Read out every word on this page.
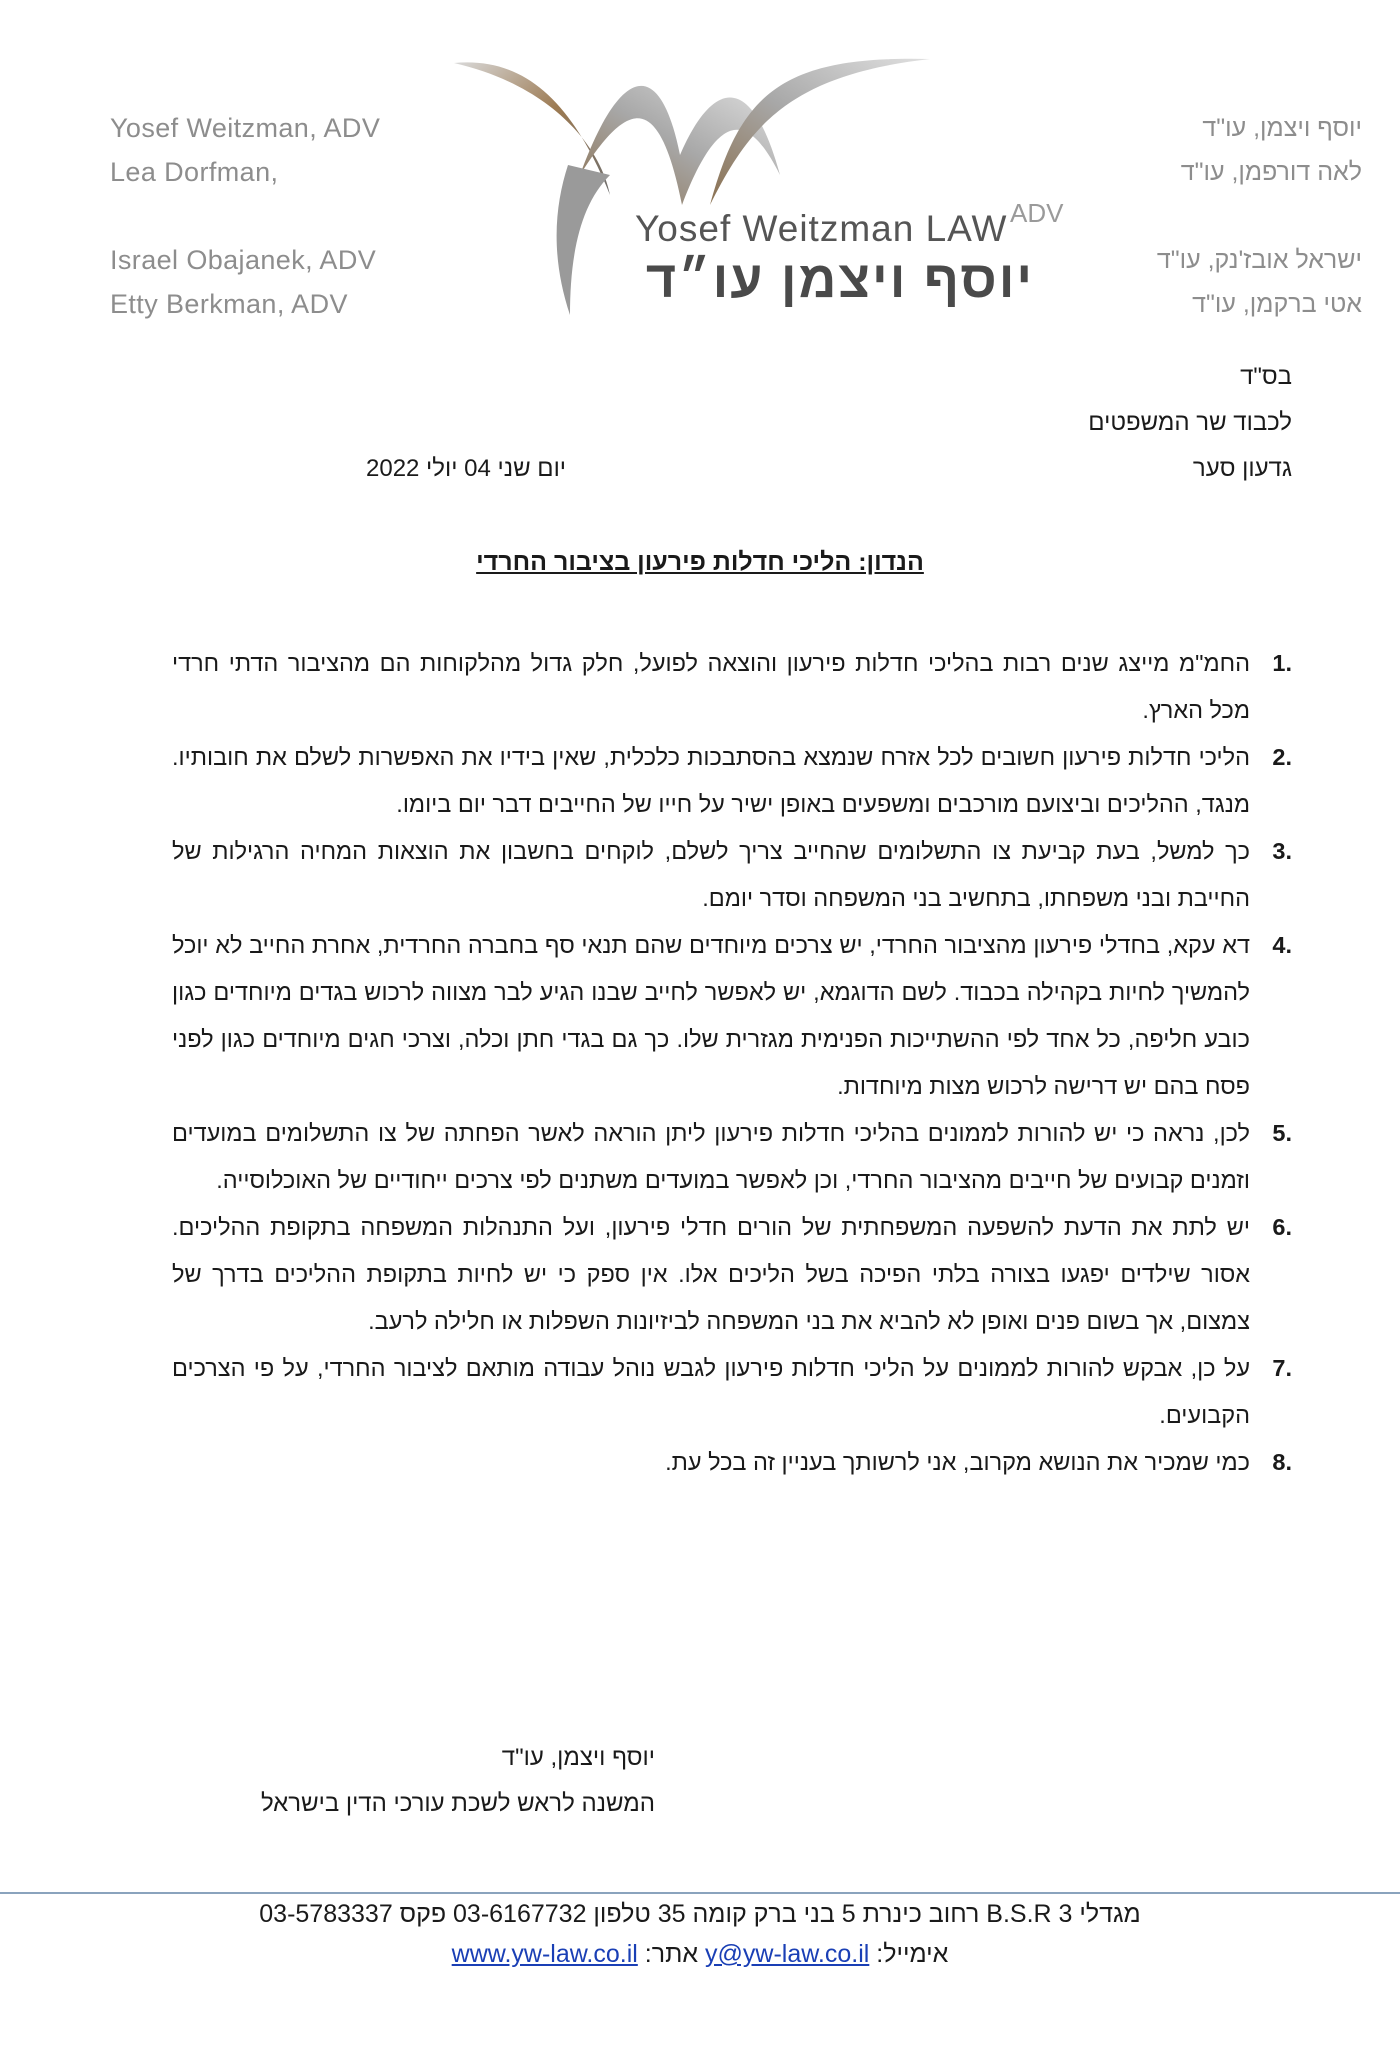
Yosef Weitzman, ADV
Lea Dorfman,
Israel Obajanek, ADV
Etty Berkman, ADV
יוסף ויצמן, עו"ד
לאה דורפמן, עו"ד
ישראל אובז'נק, עו"ד
אטי ברקמן, עו"ד
Yosef Weitzman LAW ADV
יוסף ויצמן עו״ד
בס"ד
לכבוד שר המשפטים
גדעון סער
יום שני 04 יולי 2022
הנדון: הליכי חדלות פירעון בציבור החרדי
1.
החמ"מ מייצג שנים רבות בהליכי חדלות פירעון והוצאה לפועל, חלק גדול מהלקוחות הם מהציבור הדתי חרדי מכל הארץ.
2.
הליכי חדלות פירעון חשובים לכל אזרח שנמצא בהסתבכות כלכלית, שאין בידיו את האפשרות לשלם את חובותיו. מנגד, ההליכים וביצועם מורכבים ומשפעים באופן ישיר על חייו של החייבים דבר יום ביומו.
3.
כך למשל, בעת קביעת צו התשלומים שהחייב צריך לשלם, לוקחים בחשבון את הוצאות המחיה הרגילות של החייבת ובני משפחתו, בתחשיב בני המשפחה וסדר יומם.
4.
דא עקא, בחדלי פירעון מהציבור החרדי, יש צרכים מיוחדים שהם תנאי סף בחברה החרדית, אחרת החייב לא יוכל להמשיך לחיות בקהילה בכבוד. לשם הדוגמא, יש לאפשר לחייב שבנו הגיע לבר מצווה לרכוש בגדים מיוחדים כגון כובע חליפה, כל אחד לפי ההשתייכות הפנימית מגזרית שלו. כך גם בגדי חתן וכלה, וצרכי חגים מיוחדים כגון לפני פסח בהם יש דרישה לרכוש מצות מיוחדות.
5.
לכן, נראה כי יש להורות לממונים בהליכי חדלות פירעון ליתן הוראה לאשר הפחתה של צו התשלומים במועדים וזמנים קבועים של חייבים מהציבור החרדי, וכן לאפשר במועדים משתנים לפי צרכים ייחודיים של האוכלוסייה.
6.
יש לתת את הדעת להשפעה המשפחתית של הורים חדלי פירעון, ועל התנהלות המשפחה בתקופת ההליכים. אסור שילדים יפגעו בצורה בלתי הפיכה בשל הליכים אלו. אין ספק כי יש לחיות בתקופת ההליכים בדרך של צמצום, אך בשום פנים ואופן לא להביא את בני המשפחה לביזיונות השפלות או חלילה לרעב.
7.
על כן, אבקש להורות לממונים על הליכי חדלות פירעון לגבש נוהל עבודה מותאם לציבור החרדי, על פי הצרכים הקבועים.
8.
כמי שמכיר את הנושא מקרוב, אני לרשותך בעניין זה בכל עת.
יוסף ויצמן, עו"ד
המשנה לראש לשכת עורכי הדין בישראל
מגדלי B.S.R 3 רחוב כינרת 5 בני ברק קומה 35 טלפון 03-6167732 פקס 03-5783337
אימייל: y@yw-law.co.il אתר: www.yw-law.co.il
